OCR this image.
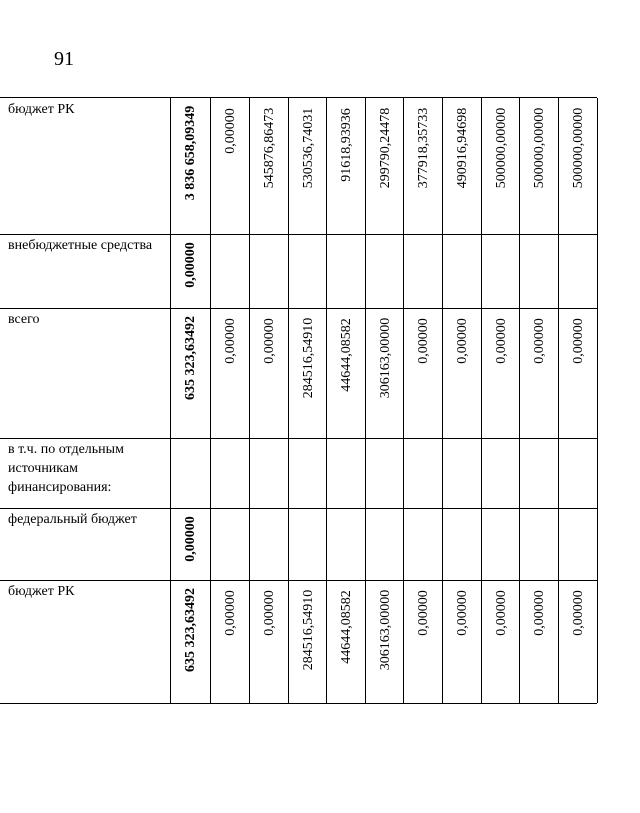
91
бюджет РК	3 836 658,09349 0,00000 545876,86473 530536,74031 91618,93936 299790,24478 377918,35733 490916,94698 500000,00000 500000,00000 500000,00000
внебюджетные средства	0,00000
всего	635 323,63492 0,00000 0,00000 284516,54910 44644,08582 306163,00000 0,00000 0,00000 0,00000 0,00000 0,00000
в т.ч. по отдельным источникам финансирования:
федеральный бюджет	0,00000
бюджет РК	635 323,63492 0,00000 0,00000 284516,54910 44644,08582 306163,00000 0,00000 0,00000 0,00000 0,00000 0,00000
